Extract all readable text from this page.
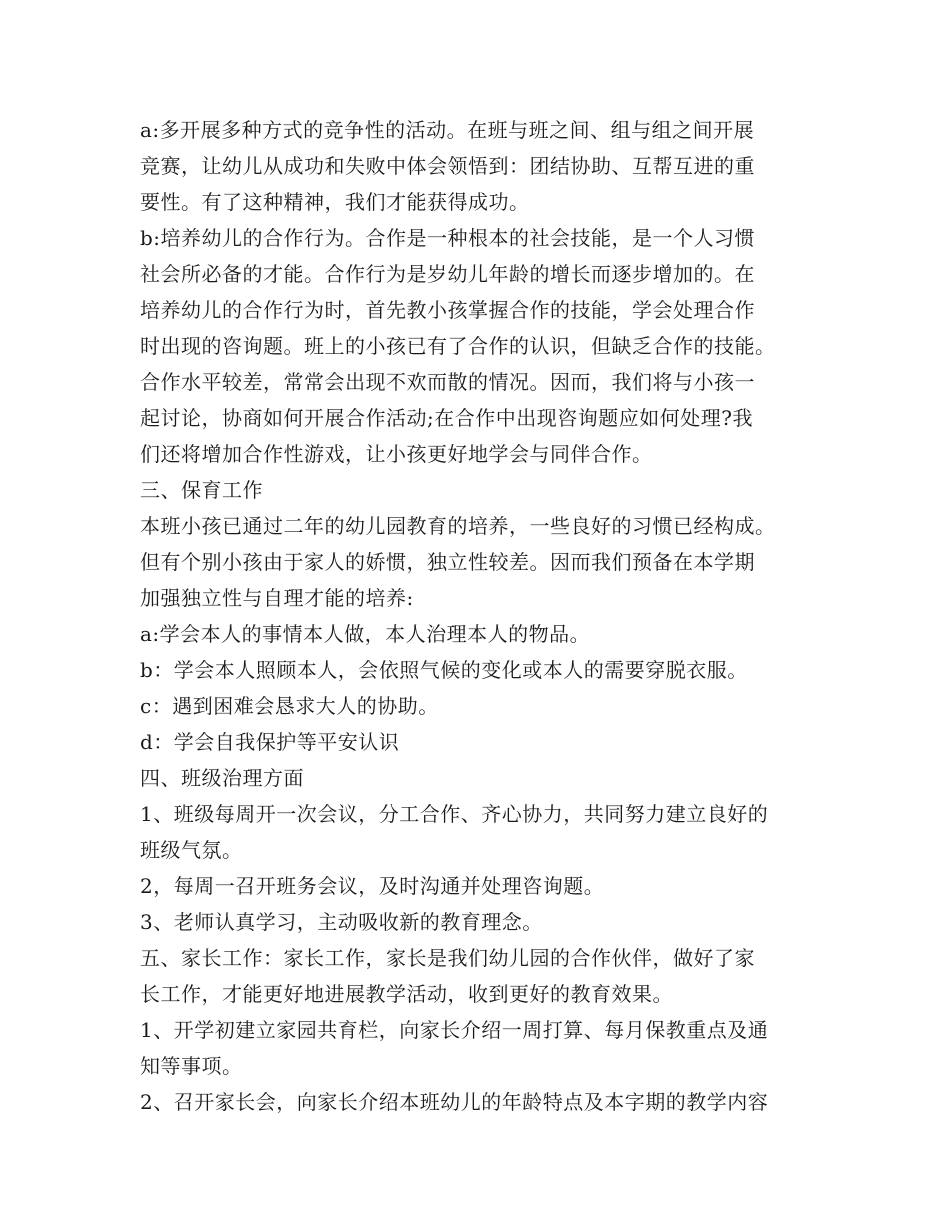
a:多开展多种方式的竞争性的活动。在班与班之间、组与组之间开展
竞赛，让幼儿从成功和失败中体会领悟到：团结协助、互帮互进的重
要性。有了这种精神，我们才能获得成功。
b:培养幼儿的合作行为。合作是一种根本的社会技能，是一个人习惯
社会所必备的才能。合作行为是岁幼儿年龄的增长而逐步增加的。在
培养幼儿的合作行为时，首先教小孩掌握合作的技能，学会处理合作
时出现的咨询题。班上的小孩已有了合作的认识，但缺乏合作的技能。
合作水平较差，常常会出现不欢而散的情况。因而，我们将与小孩一
起讨论，协商如何开展合作活动;在合作中出现咨询题应如何处理?我
们还将增加合作性游戏，让小孩更好地学会与同伴合作。
三、保育工作
本班小孩已通过二年的幼儿园教育的培养，一些良好的习惯已经构成。
但有个别小孩由于家人的娇惯，独立性较差。因而我们预备在本学期
加强独立性与自理才能的培养:
a:学会本人的事情本人做，本人治理本人的物品。
b：学会本人照顾本人，会依照气候的变化或本人的需要穿脱衣服。
c：遇到困难会恳求大人的协助。
d：学会自我保护等平安认识
四、班级治理方面
1、班级每周开一次会议，分工合作、齐心协力，共同努力建立良好的
班级气氛。
2，每周一召开班务会议，及时沟通并处理咨询题。
3、老师认真学习，主动吸收新的教育理念。
五、家长工作：家长工作，家长是我们幼儿园的合作伙伴，做好了家
长工作，才能更好地进展教学活动，收到更好的教育效果。
1、开学初建立家园共育栏，向家长介绍一周打算、每月保教重点及通
知等事项。
2、召开家长会，向家长介绍本班幼儿的年龄特点及本字期的教学内容
